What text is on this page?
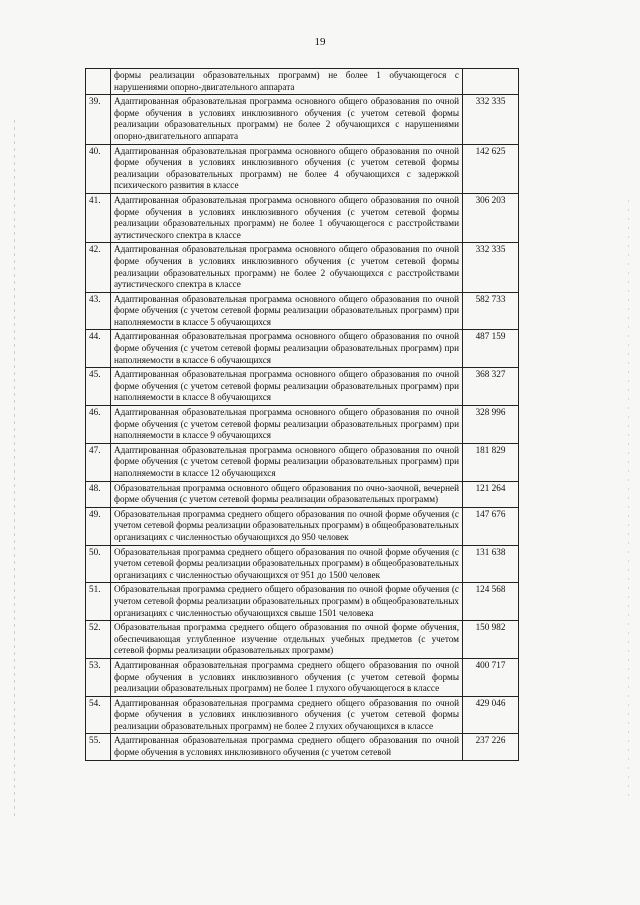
19
	формы реализации образовательных программ) не более 1 обучающегося с нарушениями опорно-двигательного аппарата	
39.	Адаптированная образовательная программа основного общего образования по очной форме обучения в условиях инклюзивного обучения (с учетом сетевой формы реализации образовательных программ) не более 2 обучающихся с нарушениями опорно-двигательного аппарата	332 335
40.	Адаптированная образовательная программа основного общего образования по очной форме обучения в условиях инклюзивного обучения (с учетом сетевой формы реализации образовательных программ) не более 4 обучающихся с задержкой психического развития в классе	142 625
41.	Адаптированная образовательная программа основного общего образования по очной форме обучения в условиях инклюзивного обучения (с учетом сетевой формы реализации образовательных программ) не более 1 обучающегося с расстройствами аутистического спектра в классе	306 203
42.	Адаптированная образовательная программа основного общего образования по очной форме обучения в условиях инклюзивного обучения (с учетом сетевой формы реализации образовательных программ) не более 2 обучающихся с расстройствами аутистического спектра в классе	332 335
43.	Адаптированная образовательная программа основного общего образования по очной форме обучения (с учетом сетевой формы реализации образовательных программ) при наполняемости в классе 5 обучающихся	582 733
44.	Адаптированная образовательная программа основного общего образования по очной форме обучения (с учетом сетевой формы реализации образовательных программ) при наполняемости в классе 6 обучающихся	487 159
45.	Адаптированная образовательная программа основного общего образования по очной форме обучения (с учетом сетевой формы реализации образовательных программ) при наполняемости в классе 8 обучающихся	368 327
46.	Адаптированная образовательная программа основного общего образования по очной форме обучения (с учетом сетевой формы реализации образовательных программ) при наполняемости в классе 9 обучающихся	328 996
47.	Адаптированная образовательная программа основного общего образования по очной форме обучения (с учетом сетевой формы реализации образовательных программ) при наполняемости в классе 12 обучающихся	181 829
48.	Образовательная программа основного общего образования по очно-заочной, вечерней форме обучения (с учетом сетевой формы реализации образовательных программ)	121 264
49.	Образовательная программа среднего общего образования по очной форме обучения (с учетом сетевой формы реализации образовательных программ) в общеобразовательных организациях с численностью обучающихся до 950 человек	147 676
50.	Образовательная программа среднего общего образования по очной форме обучения (с учетом сетевой формы реализации образовательных программ) в общеобразовательных организациях с численностью обучающихся от 951 до 1500 человек	131 638
51.	Образовательная программа среднего общего образования по очной форме обучения (с учетом сетевой формы реализации образовательных программ) в общеобразовательных организациях с численностью обучающихся свыше 1501 человека	124 568
52.	Образовательная программа среднего общего образования по очной форме обучения, обеспечивающая углубленное изучение отдельных учебных предметов (с учетом сетевой формы реализации образовательных программ)	150 982
53.	Адаптированная образовательная программа среднего общего образования по очной форме обучения в условиях инклюзивного обучения (с учетом сетевой формы реализации образовательных программ) не более 1 глухого обучающегося в классе	400 717
54.	Адаптированная образовательная программа среднего общего образования по очной форме обучения в условиях инклюзивного обучения (с учетом сетевой формы реализации образовательных программ) не более 2 глухих обучающихся в классе	429 046
55.	Адаптированная образовательная программа среднего общего образования по очной форме обучения в условиях инклюзивного обучения (с учетом сетевой	237 226
